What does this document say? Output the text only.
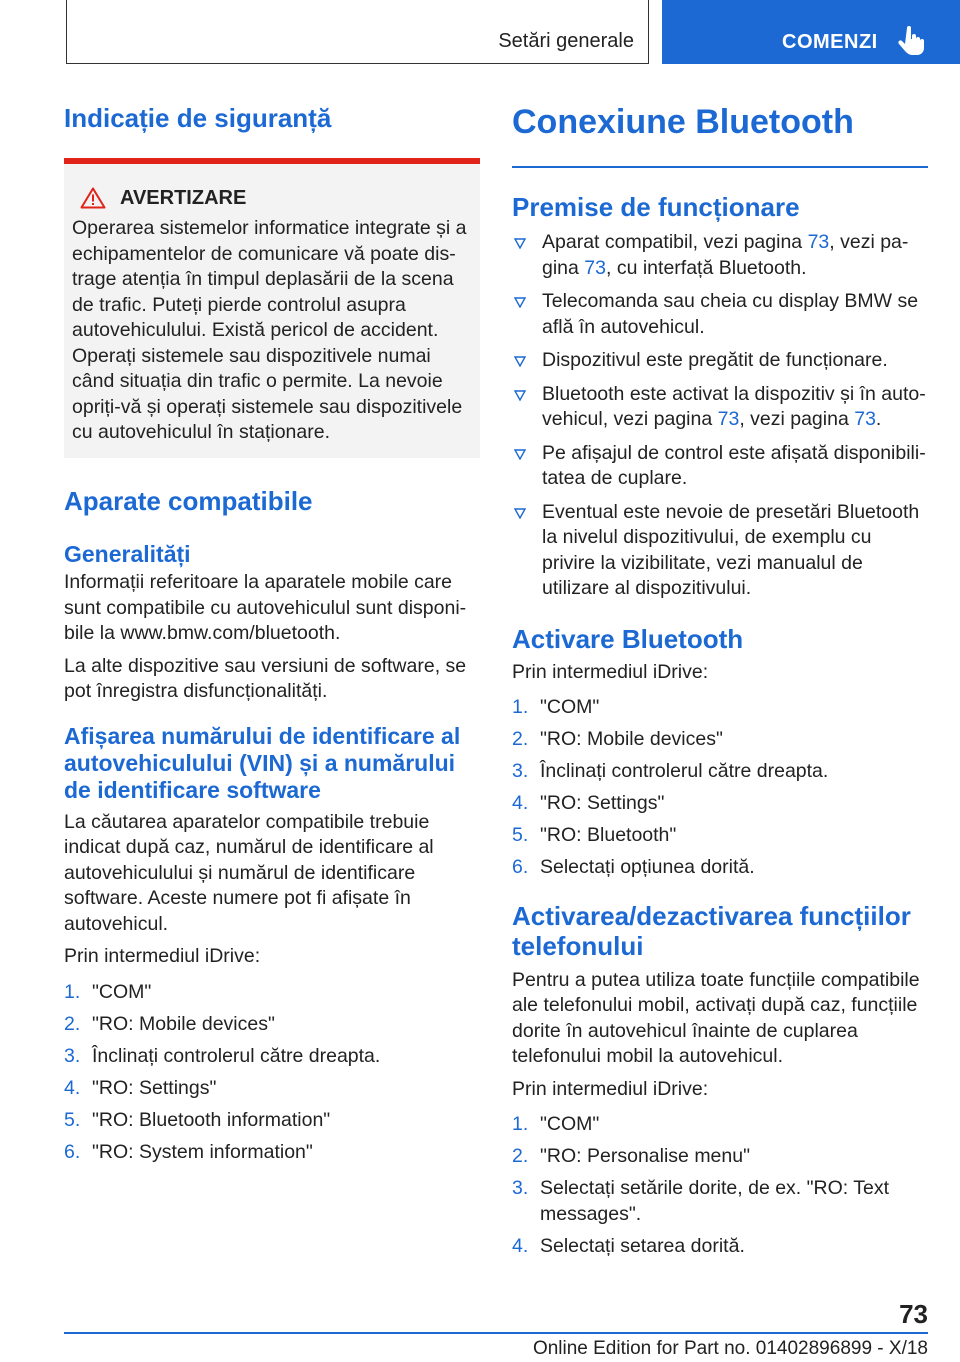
Setări generale	COMENZI
Indicație de siguranță
AVERTIZARE

Operarea sistemelor informatice integrate și a echipamentelor de comunicare vă poate distrage atenția în timpul deplasării de la scena de trafic. Puteți pierde controlul asupra autovehiculului. Există pericol de accident. Operați sistemele sau dispozitivele numai când situația din trafic o permite. La nevoie opriți-vă și operați sistemele sau dispozitivele cu autovehiculul în staționare.

Aparate compatibile
Generalități

Informații referitoare la aparatele mobile care sunt compatibile cu autovehiculul sunt disponibile la www.bmw.com/bluetooth.

La alte dispozitive sau versiuni de software, se pot înregistra disfuncționalități.

Afișarea numărului de identificare al autovehiculului (VIN) și a numărului de identificare software

La căutarea aparatelor compatibile trebuie indicat după caz, numărul de identificare al autovehiculului și numărul de identificare software. Aceste numere pot fi afișate în autovehicul.

Prin intermediul iDrive:

1. "COM"
2. "RO: Mobile devices"
3. Înclinați controlerul către dreapta.
4. "RO: Settings"
5. "RO: Bluetooth information"
6. "RO: System information"
Conexiune Bluetooth
Premise de funcționare
Aparat compatibil, vezi pagina 73, vezi pagina 73, cu interfață Bluetooth.
Telecomanda sau cheia cu display BMW se află în autovehicul.
Dispozitivul este pregătit de funcționare.
Bluetooth este activat la dispozitiv și în autovehicul, vezi pagina 73, vezi pagina 73.
Pe afișajul de control este afișată disponibilitatea de cuplare.
Eventual este nevoie de presetări Bluetooth la nivelul dispozitivului, de exemplu cu privire la vizibilitate, vezi manualul de utilizare al dispozitivului.
Activare Bluetooth

Prin intermediul iDrive:

1. "COM"
2. "RO: Mobile devices"
3. Înclinați controlerul către dreapta.
4. "RO: Settings"
5. "RO: Bluetooth"
6. Selectați opțiunea dorită.
Activarea/dezactivarea funcțiilor telefonului

Pentru a putea utiliza toate funcțiile compatibile ale telefonului mobil, activați după caz, funcțiile dorite în autovehicul înainte de cuplarea telefonului mobil la autovehicul.

Prin intermediul iDrive:

1. "COM"
2. "RO: Personalise menu"
3. Selectați setările dorite, de ex. "RO: Text messages".
4. Selectați setarea dorită.
73
Online Edition for Part no. 01402896899 - X/18
